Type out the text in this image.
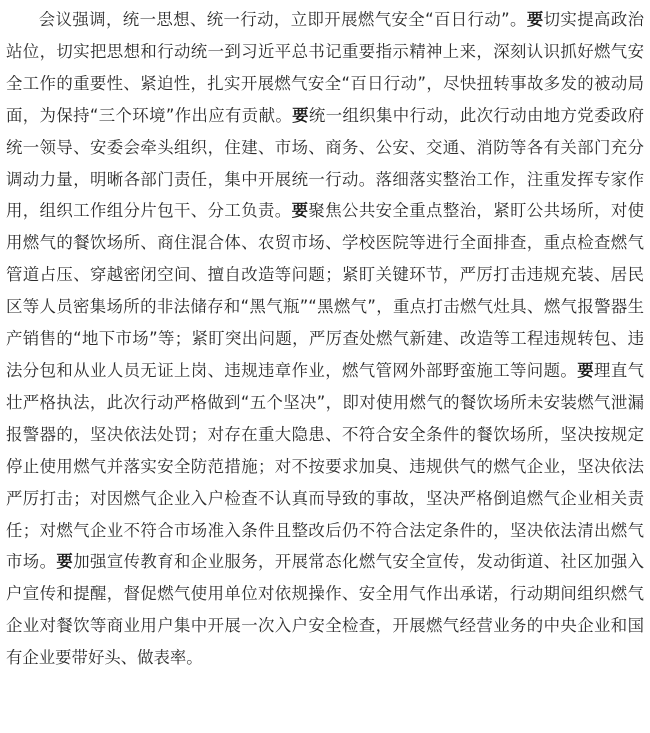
会议强调，统一思想、统一行动，立即开展燃气安全“百日行动”。要切实提高政治站位，切实把思想和行动统一到习近平总书记重要指示精神上来，深刻认识抓好燃气安全工作的重要性、紧迫性，扎实开展燃气安全“百日行动”，尽快扭转事故多发的被动局面，为保持“三个环境”作出应有贡献。要统一组织集中行动，此次行动由地方党委政府统一领导、安委会牵头组织，住建、市场、商务、公安、交通、消防等各有关部门充分调动力量，明晰各部门责任，集中开展统一行动。落细落实整治工作，注重发挥专家作用，组织工作组分片包干、分工负责。要聚焦公共安全重点整治，紧盯公共场所，对使用燃气的餐饮场所、商住混合体、农贸市场、学校医院等进行全面排查，重点检查燃气管道占压、穿越密闭空间、擅自改造等问题；紧盯关键环节，严厉打击违规充装、居民区等人员密集场所的非法储存和“黑气瓶”“黑燃气”，重点打击燃气灶具、燃气报警器生产销售的“地下市场”等；紧盯突出问题，严厉查处燃气新建、改造等工程违规转包、违法分包和从业人员无证上岗、违规违章作业，燃气管网外部野蛮施工等问题。要理直气壮严格执法，此次行动严格做到“五个坚决”，即对使用燃气的餐饮场所未安装燃气泄漏报警器的，坚决依法处罚；对存在重大隐患、不符合安全条件的餐饮场所，坚决按规定停止使用燃气并落实安全防范措施；对不按要求加臭、违规供气的燃气企业，坚决依法严厉打击；对因燃气企业入户检查不认真而导致的事故，坚决严格倒追燃气企业相关责任；对燃气企业不符合市场准入条件且整改后仍不符合法定条件的，坚决依法清出燃气市场。要加强宣传教育和企业服务，开展常态化燃气安全宣传，发动街道、社区加强入户宣传和提醒，督促燃气使用单位对依规操作、安全用气作出承诺，行动期间组织燃气企业对餐饮等商业用户集中开展一次入户安全检查，开展燃气经营业务的中央企业和国有企业要带好头、做表率。
